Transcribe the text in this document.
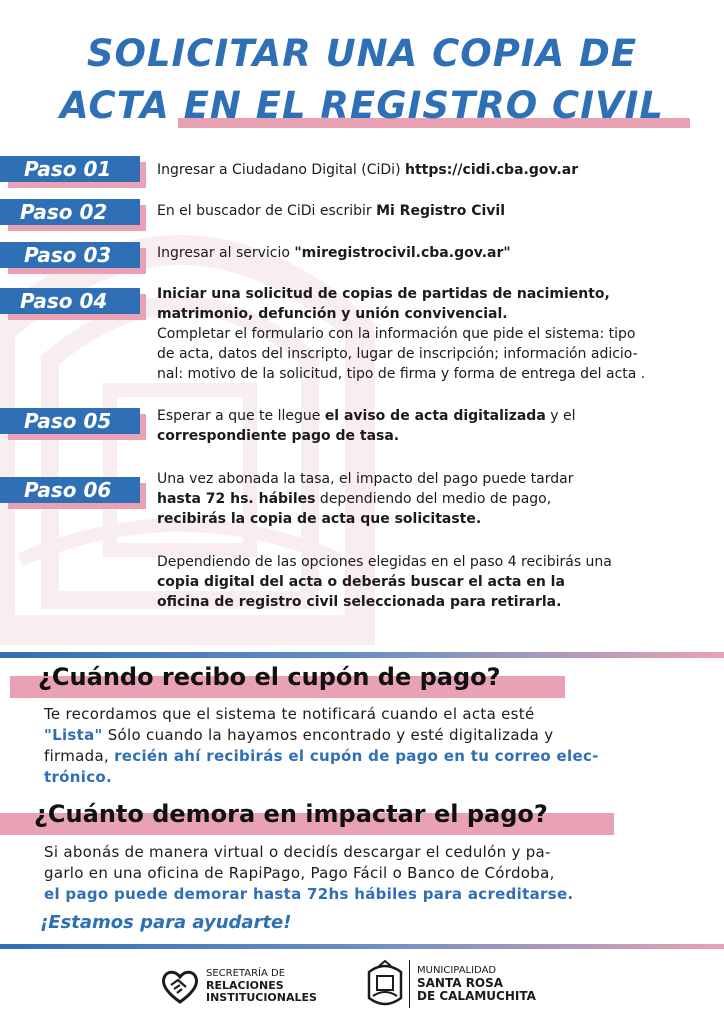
SOLICITAR UNA COPIA DE
ACTA EN EL REGISTRO CIVIL
Paso 01	Ingresar a Ciudadano Digital (CiDi) https://cidi.cba.gov.ar
Paso 02	En el buscador de CiDi escribir Mi Registro Civil
Paso 03	Ingresar al servicio "miregistrocivil.cba.gov.ar"
Paso 04	Iniciar una solicitud de copias de partidas de nacimiento,
matrimonio, defunción y unión convivencial.
Completar el formulario con la información que pide el sistema: tipo
de acta, datos del inscripto, lugar de inscripción; información adicio-
nal: motivo de la solicitud, tipo de firma y forma de entrega del acta .
Paso 05	Esperar a que te llegue el aviso de acta digitalizada y el
correspondiente pago de tasa.
Paso 06	Una vez abonada la tasa, el impacto del pago puede tardar
hasta 72 hs. hábiles dependiendo del medio de pago,
recibirás la copia de acta que solicitaste.
Dependiendo de las opciones elegidas en el paso 4 recibirás una
copia digital del acta o deberás buscar el acta en la
oficina de registro civil seleccionada para retirarla.
¿Cuándo recibo el cupón de pago?
Te recordamos que el sistema te notificará cuando el acta esté
"Lista" Sólo cuando la hayamos encontrado y esté digitalizada y
firmada, recién ahí recibirás el cupón de pago en tu correo elec-
trónico.
¿Cuánto demora en impactar el pago?
Si abonás de manera virtual o decidís descargar el cedulón y pa-
garlo en una oficina de RapiPago, Pago Fácil o Banco de Córdoba,
el pago puede demorar hasta 72hs hábiles para acreditarse.
¡Estamos para ayudarte!
SECRETARÍA DE
RELACIONES
INSTITUCIONALES
MUNICIPALIDAD
SANTA ROSA
DE CALAMUCHITA
